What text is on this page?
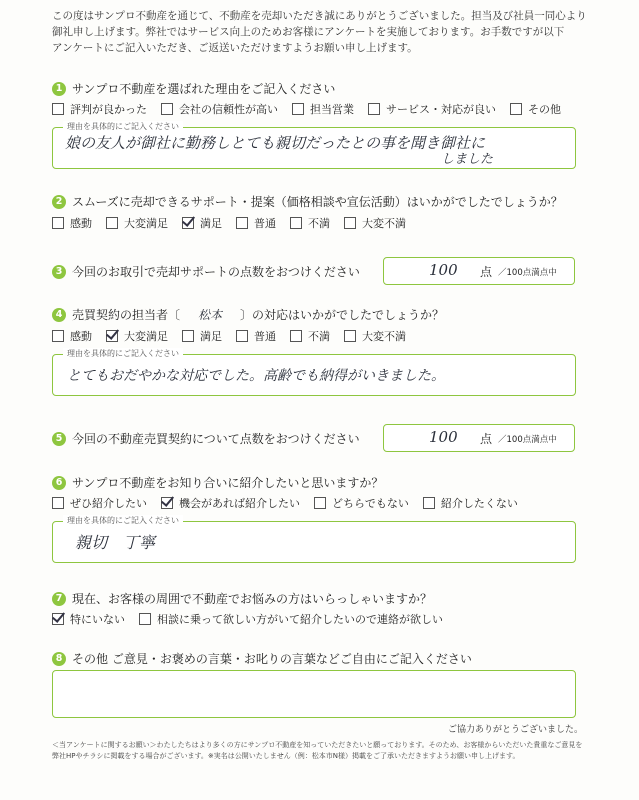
この度はサンプロ不動産を通じて、不動産を売却いただき誠にありがとうございました。担当及び社員一同心より
御礼申し上げます。弊社ではサービス向上のためお客様にアンケートを実施しております。お手数ですが以下
アンケートにご記入いただき、ご返送いただけますようお願い申し上げます。
1 サンプロ不動産を選ばれた理由をご記入ください
評判が良かった	会社の信頼性が高い	担当営業	サービス・対応が良い	その他
理由を具体的にご記入ください
娘の友人が御社に勤務しとても親切だったとの事を聞き御社に
しました
2 スムーズに売却できるサポート・提案（価格相談や宣伝活動）はいかがでしたでしょうか？
感動	大変満足	満足	普通	不満	大変不満
3 今回のお取引で売却サポートの点数をおつけください	100 点 ／100点満点中
4 売買契約の担当者〔	松本	〕の対応はいかがでしたでしょうか？
感動	大変満足	満足	普通	不満	大変不満
理由を具体的にご記入ください
とてもおだやかな対応でした。高齢でも納得がいきました。
5 今回の不動産売買契約について点数をおつけください	100 点 ／100点満点中
6 サンプロ不動産をお知り合いに紹介したいと思いますか？
ぜひ紹介したい	機会があれば紹介したい	どちらでもない	紹介したくない
理由を具体的にご記入ください
親切　丁寧
7 現在、お客様の周囲で不動産でお悩みの方はいらっしゃいますか？
特にいない	相談に乗って欲しい方がいて紹介したいので連絡が欲しい
8 その他 ご意見・お褒めの言葉・お叱りの言葉などご自由にご記入ください
ご協力ありがとうございました。
＜当アンケートに関するお願い＞わたしたちはより多くの方にサンプロ不動産を知っていただきたいと願っております。そのため、お客様からいただいた貴重なご意見を
弊社HPやチラシに掲載をする場合がございます。※実名は公開いたしません（例：松本市N様）掲載をご了承いただきますようお願い申し上げます。
